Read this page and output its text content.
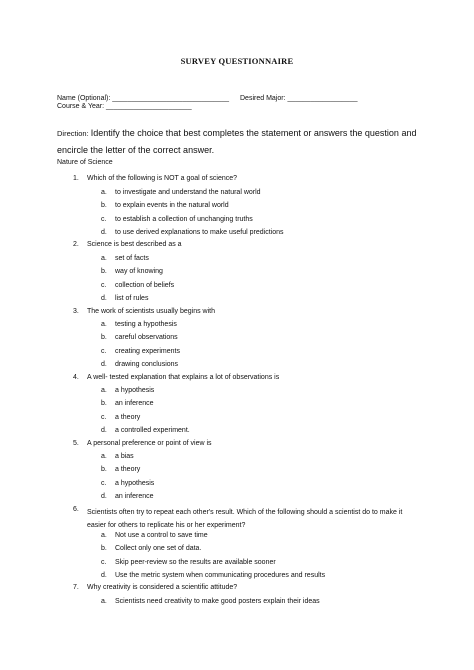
SURVEY QUESTIONNAIRE
Name (Optional): ______________________________ Desired Major: __________________
Course & Year: ______________________
Direction: Identify the choice that best completes the statement or answers the question and encircle the letter of the correct answer.
Nature of Science
1. Which of the following is NOT a goal of science?
a. to investigate and understand the natural world
b. to explain events in the natural world
c. to establish a collection of unchanging truths
d. to use derived explanations to make useful predictions
2. Science is best described as a
a. set of facts
b. way of knowing
c. collection of beliefs
d. list of rules
3. The work of scientists usually begins with
a. testing a hypothesis
b. careful observations
c. creating experiments
d. drawing conclusions
4. A well- tested explanation that explains a lot of observations is
a. a hypothesis
b. an inference
c. a theory
d. a controlled experiment.
5. A personal preference or point of view is
a. a bias
b. a theory
c. a hypothesis
d. an inference
6. Scientists often try to repeat each other's result. Which of the following should a scientist do to make it easier for others to replicate his or her experiment?
a. Not use a control to save time
b. Collect only one set of data.
c. Skip peer-review so the results are available sooner
d. Use the metric system when communicating procedures and results
7. Why creativity is considered a scientific attitude?
a. Scientists need creativity to make good posters explain their ideas
